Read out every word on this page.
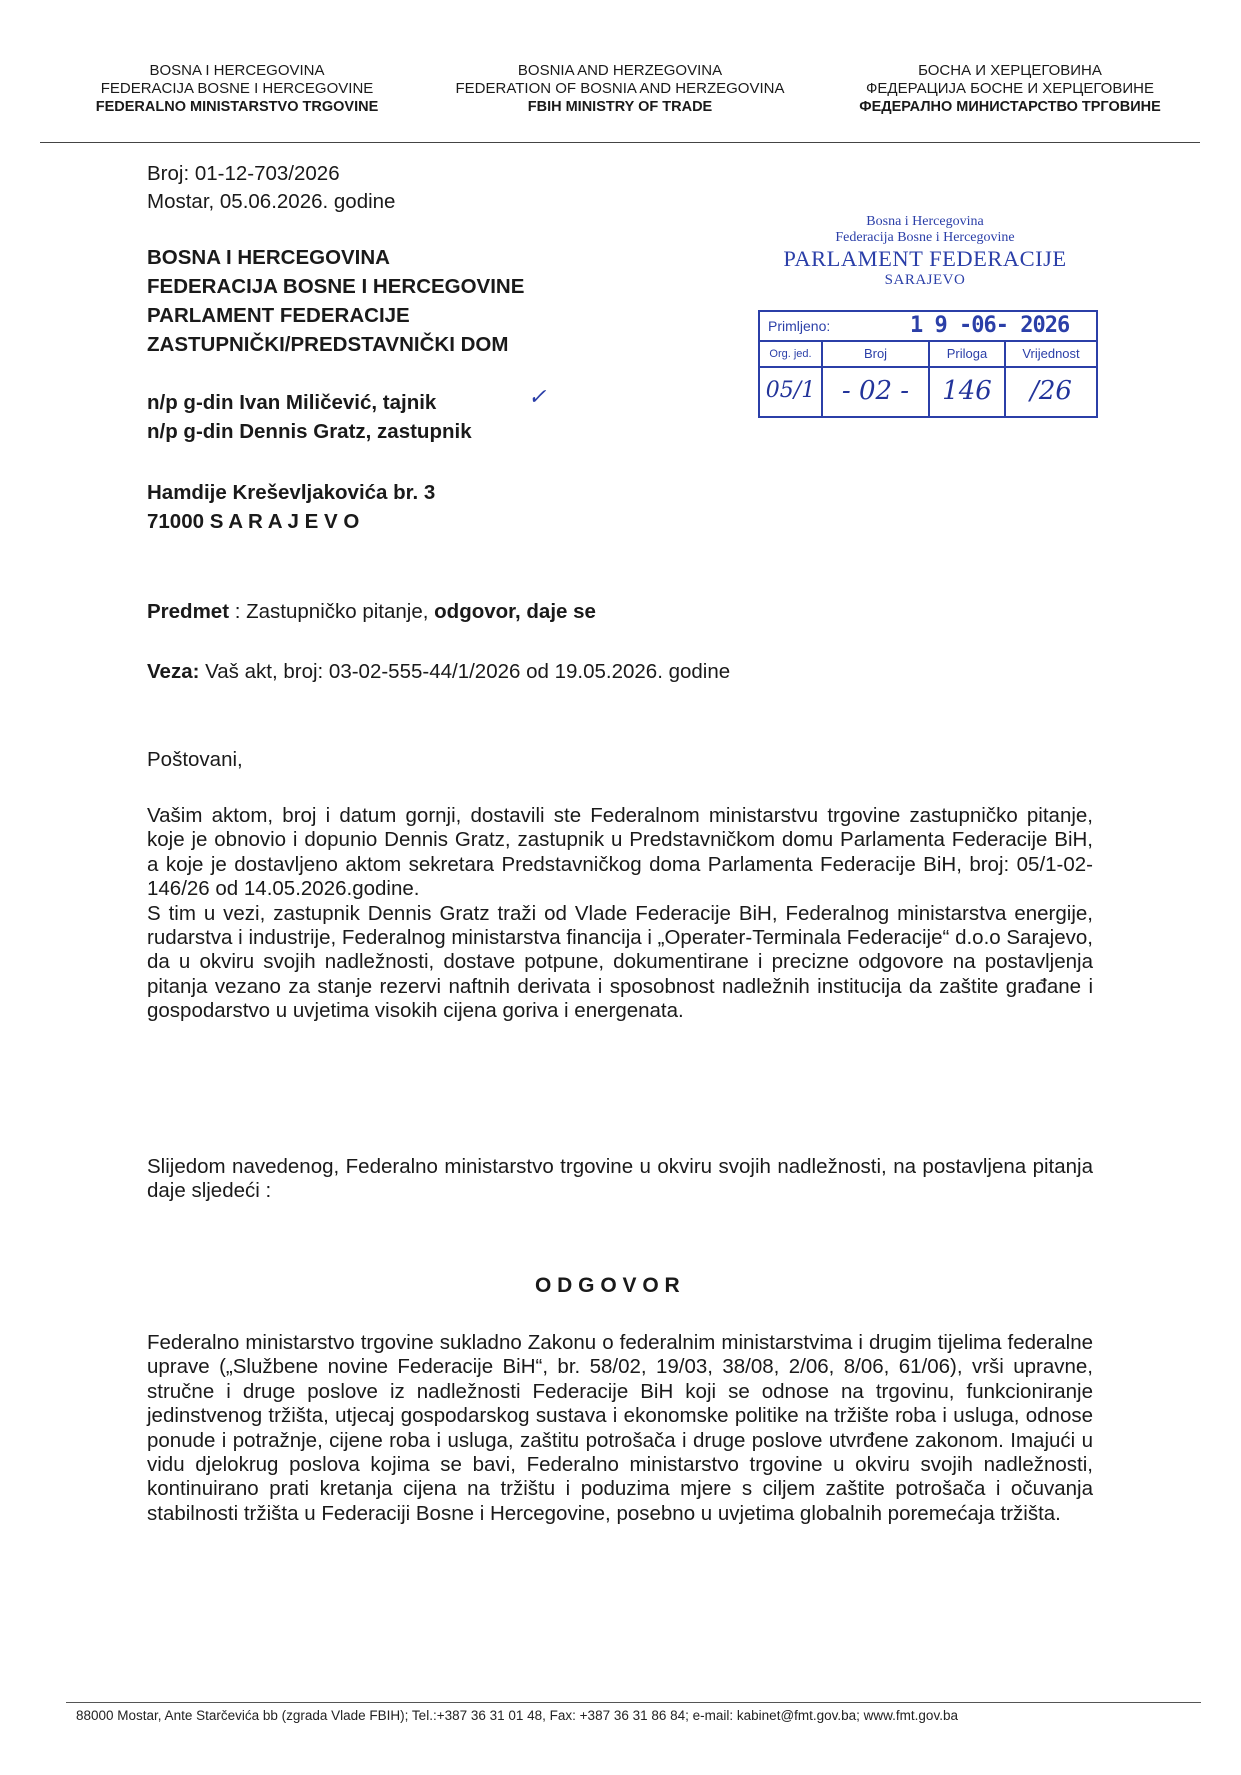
BOSNA I HERCEGOVINA
FEDERACIJA BOSNE I HERCEGOVINE
FEDERALNO MINISTARSTVO TRGOVINE
BOSNIA AND HERZEGOVINA
FEDERATION OF BOSNIA AND HERZEGOVINA
FBIH MINISTRY OF TRADE
БОСНА И ХЕРЦЕГОВИНА
ФЕДЕРАЦИЈА БОСНЕ И ХЕРЦЕГОВИНЕ
ФЕДЕРАЛНО МИНИСТАРСТВО ТРГОВИНЕ
Broj: 01-12-703/2026
Mostar, 05.06.2026. godine
BOSNA I HERCEGOVINA
FEDERACIJA BOSNE I HERCEGOVINE
PARLAMENT FEDERACIJE
ZASTUPNIČKI/PREDSTAVNIČKI DOM
n/p g-din Ivan Miličević, tajnik	✓
n/p g-din Dennis Gratz, zastupnik
Hamdije Kreševljakovića br. 3
71000 S A R A J E V O
Bosna i Hercegovina
Federacija Bosne i Hercegovine
PARLAMENT FEDERACIJE
SARAJEVO
Primljeno:	1 9 -06- 2026
Org. jed.	Broj	Priloga	Vrijednost
05/1	- 02 -	146	/26
Predmet : Zastupničko pitanje, odgovor, daje se
Veza: Vaš akt, broj: 03-02-555-44/1/2026 od 19.05.2026. godine
Poštovani,

Vašim aktom, broj i datum gornji, dostavili ste Federalnom ministarstvu trgovine zastupničko pitanje, koje je obnovio i dopunio Dennis Gratz, zastupnik u Predstavničkom domu Parlamenta Federacije BiH, a koje je dostavljeno aktom sekretara Predstavničkog doma Parlamenta Federacije BiH, broj: 05/1-02-146/26 od 14.05.2026.godine.

S tim u vezi, zastupnik Dennis Gratz traži od Vlade Federacije BiH, Federalnog ministarstva energije, rudarstva i industrije, Federalnog ministarstva financija i „Operater-Terminala Federacije“ d.o.o Sarajevo, da u okviru svojih nadležnosti, dostave potpune, dokumentirane i precizne odgovore na postavljenja pitanja vezano za stanje rezervi naftnih derivata i sposobnost nadležnih institucija da zaštite građane i gospodarstvo u uvjetima visokih cijena goriva i energenata.

Slijedom navedenog, Federalno ministarstvo trgovine u okviru svojih nadležnosti, na postavljena pitanja daje sljedeći :

O D G O V O R

Federalno ministarstvo trgovine sukladno Zakonu o federalnim ministarstvima i drugim tijelima federalne uprave („Službene novine Federacije BiH“, br. 58/02, 19/03, 38/08, 2/06, 8/06, 61/06), vrši upravne, stručne i druge poslove iz nadležnosti Federacije BiH koji se odnose na trgovinu, funkcioniranje jedinstvenog tržišta, utjecaj gospodarskog sustava i ekonomske politike na tržište roba i usluga, odnose ponude i potražnje, cijene roba i usluga, zaštitu potrošača i druge poslove utvrđene zakonom. Imajući u vidu djelokrug poslova kojima se bavi, Federalno ministarstvo trgovine u okviru svojih nadležnosti, kontinuirano prati kretanja cijena na tržištu i poduzima mjere s ciljem zaštite potrošača i očuvanja stabilnosti tržišta u Federaciji Bosne i Hercegovine, posebno u uvjetima globalnih poremećaja tržišta.

88000 Mostar, Ante Starčevića bb (zgrada Vlade FBIH); Tel.:+387 36 31 01 48, Fax: +387 36 31 86 84; e-mail: kabinet@fmt.gov.ba; www.fmt.gov.ba
